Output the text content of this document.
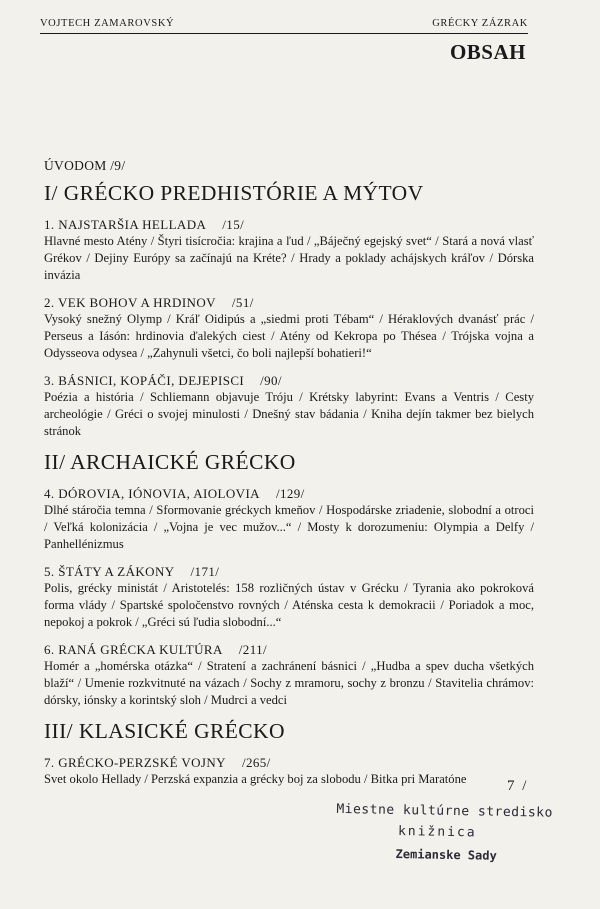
VOJTECH ZAMAROVSKÝ	GRÉCKY ZÁZRAK
OBSAH
ÚVODOM /9/
I/ GRÉCKO PREDHISTÓRIE A MÝTOV
1. NAJSTARŠIA HELLADA /15/
Hlavné mesto Atény / Štyri tisícročia: krajina a ľud / „Báječný egejský svet“ / Stará a nová vlasť Grékov / Dejiny Európy sa začínajú na Kréte? / Hrady a poklady achájskych kráľov / Dórska invázia
2. VEK BOHOV A HRDINOV /51/
Vysoký snežný Olymp / Kráľ Oidipús a „siedmi proti Tébam“ / Héraklových dvanásť prác / Perseus a Iásón: hrdinovia ďalekých ciest / Atény od Kekropa po Thésea / Trójska vojna a Odysseova odysea / „Zahynuli všetci, čo boli najlepší bohatieri!“
3. BÁSNICI, KOPÁČI, DEJEPISCI /90/
Poézia a história / Schliemann objavuje Tróju / Krétsky labyrint: Evans a Ventris / Cesty archeológie / Gréci o svojej minulosti / Dnešný stav bádania / Kniha dejín takmer bez bielych stránok
II/ ARCHAICKÉ GRÉCKO
4. DÓROVIA, IÓNOVIA, AIOLOVIA /129/
Dlhé stáročia temna / Sformovanie gréckych kmeňov / Hospodárske zriadenie, slobodní a otroci / Veľká kolonizácia / „Vojna je vec mužov...“ / Mosty k dorozumeniu: Olympia a Delfy / Panhellénizmus
5. ŠTÁTY A ZÁKONY /171/
Polis, grécky ministát / Aristotelés: 158 rozličných ústav v Grécku / Tyrania ako pokroková forma vlády / Spartské spoločenstvo rovných / Aténska cesta k demokracii / Poriadok a moc, nepokoj a pokrok / „Gréci sú ľudia slobodní...“
6. RANÁ GRÉCKA KULTÚRA /211/
Homér a „homérska otázka“ / Stratení a zachránení básnici / „Hudba a spev ducha všetkých blaží“ / Umenie rozkvitnuté na vázach / Sochy z mramoru, sochy z bronzu / Stavitelia chrámov: dórsky, iónsky a korintský sloh / Mudrci a vedci
III/ KLASICKÉ GRÉCKO
7. GRÉCKO-PERZSKÉ VOJNY /265/
Svet okolo Hellady / Perzská expanzia a grécky boj za slobodu / Bitka pri Maratóne	7 /
Miestne kultúrne stredisko
knižnica
Zemianske Sady
